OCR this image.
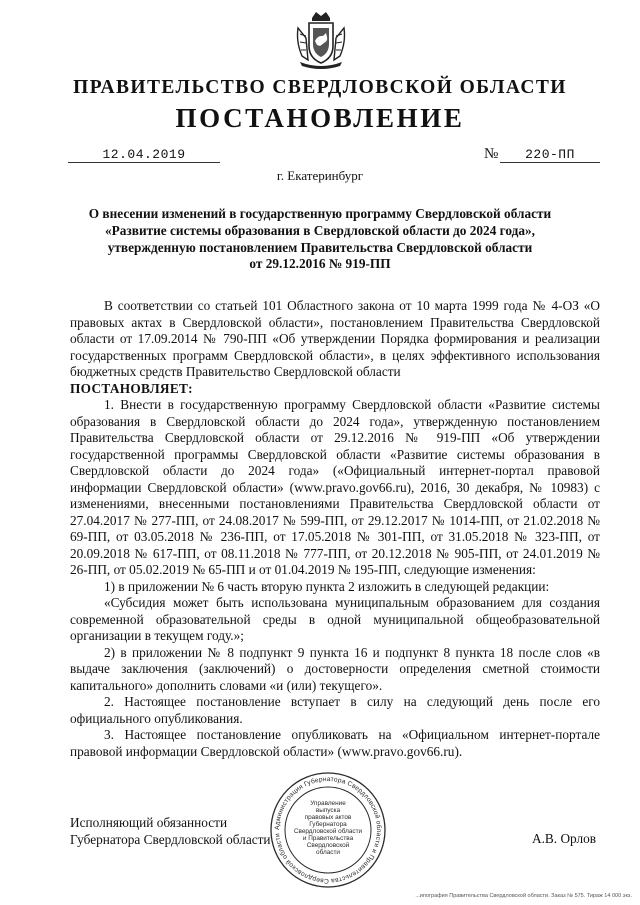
ПРАВИТЕЛЬСТВО СВЕРДЛОВСКОЙ ОБЛАСТИ
ПОСТАНОВЛЕНИЕ
12.04.2019	№	220-ПП
г. Екатеринбург
О внесении изменений в государственную программу Свердловской области
«Развитие системы образования в Свердловской области до 2024 года»,
утвержденную постановлением Правительства Свердловской области
от 29.12.2016 № 919-ПП

В соответствии со статьей 101 Областного закона от 10 марта 1999 года № 4-ОЗ «О правовых актах в Свердловской области», постановлением Правительства Свердловской области от 17.09.2014 № 790-ПП «Об утверждении Порядка формирования и реализации государственных программ Свердловской области», в целях эффективного использования бюджетных средств Правительство Свердловской области

ПОСТАНОВЛЯЕТ:

1. Внести в государственную программу Свердловской области «Развитие системы образования в Свердловской области до 2024 года», утвержденную постановлением Правительства Свердловской области от 29.12.2016 № 919-ПП «Об утверждении государственной программы Свердловской области «Развитие системы образования в Свердловской области до 2024 года» («Официальный интернет-портал правовой информации Свердловской области» (www.pravo.gov66.ru), 2016, 30 декабря, № 10983) с изменениями, внесенными постановлениями Правительства Свердловской области от 27.04.2017 № 277-ПП, от 24.08.2017 № 599-ПП, от 29.12.2017 № 1014-ПП, от 21.02.2018 № 69-ПП, от 03.05.2018 № 236-ПП, от 17.05.2018 № 301-ПП, от 31.05.2018 № 323-ПП, от 20.09.2018 № 617-ПП, от 08.11.2018 № 777-ПП, от 20.12.2018 № 905-ПП, от 24.01.2019 № 26-ПП, от 05.02.2019 № 65-ПП и от 01.04.2019 № 195-ПП, следующие изменения:

1) в приложении № 6 часть вторую пункта 2 изложить в следующей редакции:

«Субсидия может быть использована муниципальным образованием для создания современной образовательной среды в одной муниципальной общеобразовательной организации в текущем году.»;

2) в приложении № 8 подпункт 9 пункта 16 и подпункт 8 пункта 18 после слов «в выдаче заключения (заключений) о достоверности определения сметной стоимости капитального» дополнить словами «и (или) текущего».

2. Настоящее постановление вступает в силу на следующий день после его официального опубликования.

3. Настоящее постановление опубликовать на «Официальном интернет-портале правовой информации Свердловской области» (www.pravo.gov66.ru).

Исполняющий обязанности
Губернатора Свердловской области	А.В. Орлов
Администрация Губернатора Свердловской области и Правительства Свердловской области
Управление
выпуска
правовых актов
Губернатора
Свердловской области
и Правительства
Свердловской
области
...ипография Правительства Свердловской области. Заказ № 575. Тираж 14 000 экз.
